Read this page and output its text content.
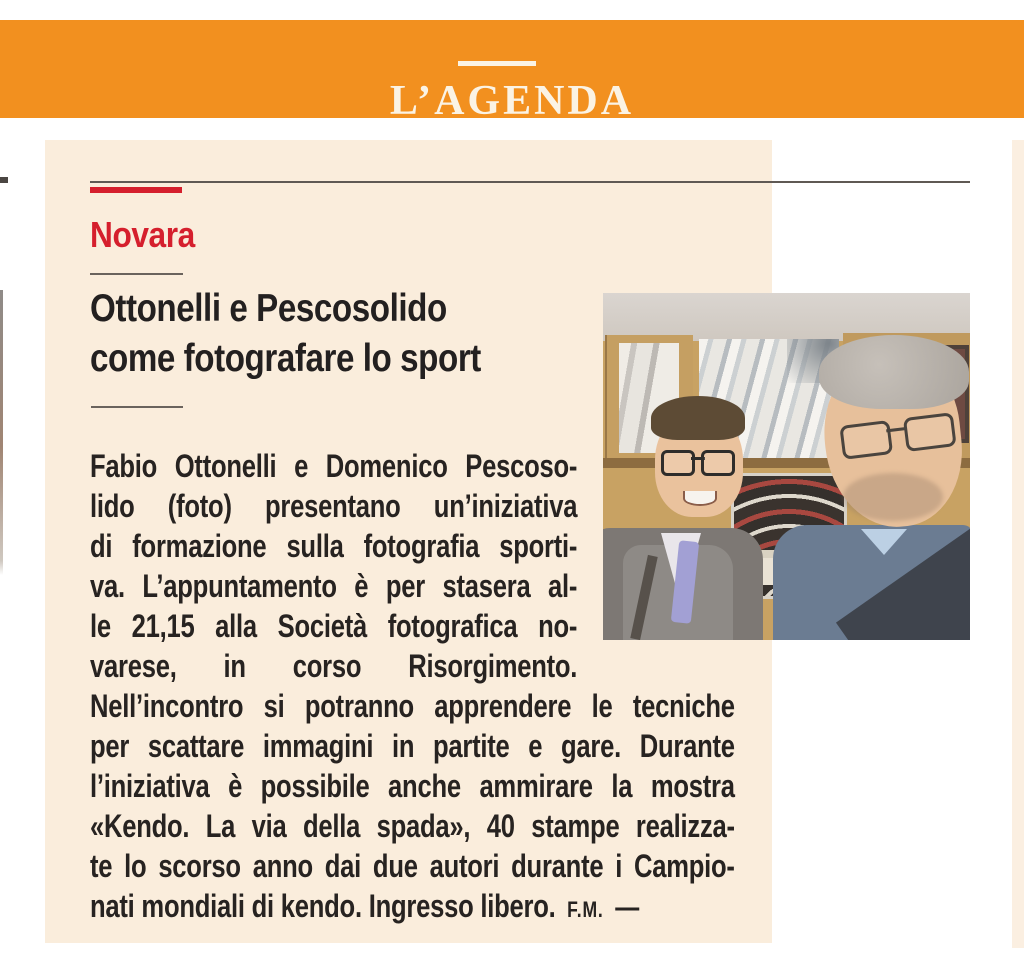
L’AGENDA
Novara
Ottonelli e Pescosolido
come fotografare lo sport
Fabio Ottonelli e Domenico Pescoso-
lido (foto) presentano un’iniziativa
di formazione sulla fotografia sporti-
va. L’appuntamento è per stasera al-
le 21,15 alla Società fotografica no-
varese, in corso Risorgimento.
Nell’incontro si potranno apprendere le tecniche
per scattare immagini in partite e gare. Durante
l’iniziativa è possibile anche ammirare la mostra
«Kendo. La via della spada», 40 stampe realizza-
te lo scorso anno dai due autori durante i Campio-
nati mondiali di kendo. Ingresso libero. F.M. —
